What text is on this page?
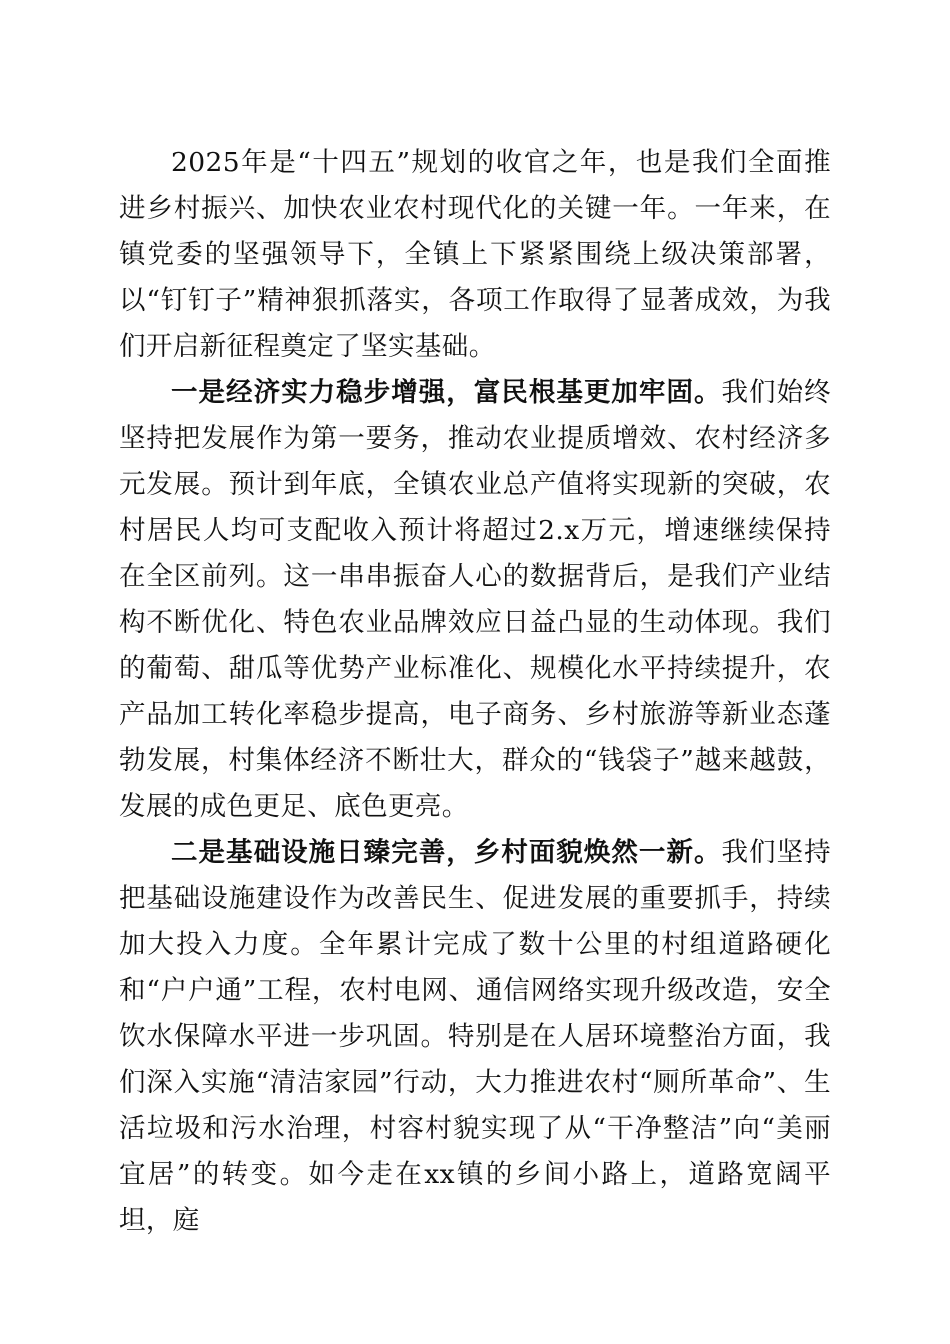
2025年是“十四五”规划的收官之年，也是我们全面推进乡村振兴、加快农业农村现代化的关键一年。一年来，在镇党委的坚强领导下，全镇上下紧紧围绕上级决策部署，以“钉钉子”精神狠抓落实，各项工作取得了显著成效，为我们开启新征程奠定了坚实基础。

一是经济实力稳步增强，富民根基更加牢固。我们始终坚持把发展作为第一要务，推动农业提质增效、农村经济多元发展。预计到年底，全镇农业总产值将实现新的突破，农村居民人均可支配收入预计将超过2.x万元，增速继续保持在全区前列。这一串串振奋人心的数据背后，是我们产业结构不断优化、特色农业品牌效应日益凸显的生动体现。我们的葡萄、甜瓜等优势产业标准化、规模化水平持续提升，农产品加工转化率稳步提高，电子商务、乡村旅游等新业态蓬勃发展，村集体经济不断壮大，群众的“钱袋子”越来越鼓，发展的成色更足、底色更亮。

二是基础设施日臻完善，乡村面貌焕然一新。我们坚持把基础设施建设作为改善民生、促进发展的重要抓手，持续加大投入力度。全年累计完成了数十公里的村组道路硬化和“户户通”工程，农村电网、通信网络实现升级改造，安全饮水保障水平进一步巩固。特别是在人居环境整治方面，我们深入实施“清洁家园”行动，大力推进农村“厕所革命”、生活垃圾和污水治理，村容村貌实现了从“干净整洁”向“美丽宜居”的转变。如今走在xx镇的乡间小路上，道路宽阔平坦，庭
